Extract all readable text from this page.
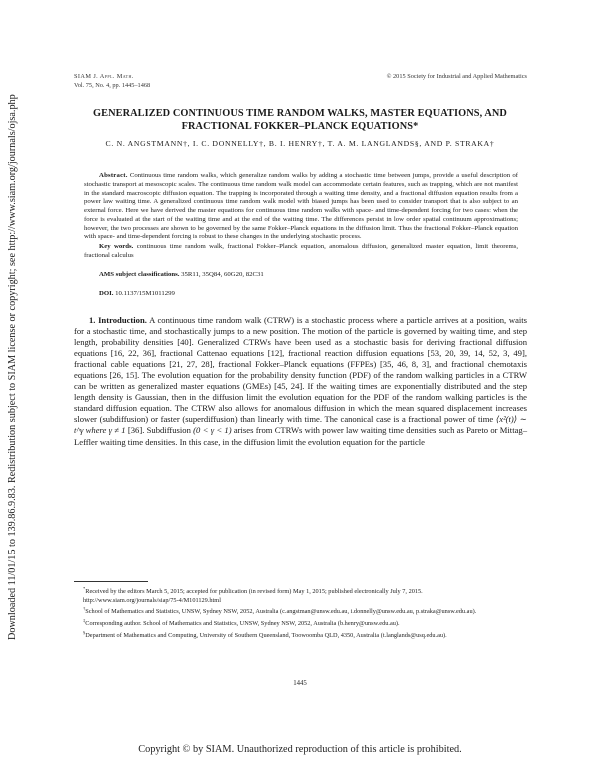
Downloaded 11/01/15 to 139.86.9.83. Redistribution subject to SIAM license or copyright; see http://www.siam.org/journals/ojsa.php
SIAM J. Appl. Math.
Vol. 75, No. 4, pp. 1445–1468
© 2015 Society for Industrial and Applied Mathematics
GENERALIZED CONTINUOUS TIME RANDOM WALKS, MASTER EQUATIONS, AND FRACTIONAL FOKKER–PLANCK EQUATIONS*
C. N. ANGSTMANN†, I. C. DONNELLY†, B. I. HENRY†, T. A. M. LANGLANDS§, AND P. STRAKA†

Abstract. Continuous time random walks, which generalize random walks by adding a stochastic time between jumps, provide a useful description of stochastic transport at mesoscopic scales. The continuous time random walk model can accommodate certain features, such as trapping, which are not manifest in the standard macroscopic diffusion equation. The trapping is incorporated through a waiting time density, and a fractional diffusion equation results from a power law waiting time. A generalized continuous time random walk model with biased jumps has been used to consider transport that is also subject to an external force. Here we have derived the master equations for continuous time random walks with space- and time-dependent forcing for two cases: when the force is evaluated at the start of the waiting time and at the end of the waiting time. The differences persist in low order spatial continuum approximations; however, the two processes are shown to be governed by the same Fokker–Planck equations in the diffusion limit. Thus the fractional Fokker–Planck equation with space- and time-dependent forcing is robust to these changes in the underlying stochastic process.

Key words. continuous time random walk, fractional Fokker–Planck equation, anomalous diffusion, generalized master equation, limit theorems, fractional calculus

AMS subject classifications. 35R11, 35Q84, 60G20, 82C31

DOI. 10.1137/15M1011299

1. Introduction. A continuous time random walk (CTRW) is a stochastic process where a particle arrives at a position, waits for a stochastic time, and stochastically jumps to a new position. The motion of the particle is governed by waiting time, and step length, probability densities [40]. Generalized CTRWs have been used as a stochastic basis for deriving fractional diffusion equations [16, 22, 36], fractional Cattenao equations [12], fractional reaction diffusion equations [53, 20, 39, 14, 52, 3, 49], fractional cable equations [21, 27, 28], fractional Fokker–Planck equations (FFPEs) [35, 46, 8, 3], and fractional chemotaxis equations [26, 15]. The evolution equation for the probability density function (PDF) of the random walking particles in a CTRW can be written as generalized master equations (GMEs) [45, 24]. If the waiting times are exponentially distributed and the step length density is Gaussian, then in the diffusion limit the evolution equation for the PDF of the random walking particles is the standard diffusion equation. The CTRW also allows for anomalous diffusion in which the mean squared displacement increases slower (subdiffusion) or faster (superdiffusion) than linearly with time. The canonical case is a fractional power of time ⟨x²(t)⟩ ∼ t^γ where γ ≠ 1 [36]. Subdiffusion (0 < γ < 1) arises from CTRWs with power law waiting time densities such as Pareto or Mittag–Leffler waiting time densities. In this case, in the diffusion limit the evolution equation for the particle

*Received by the editors March 5, 2015; accepted for publication (in revised form) May 1, 2015; published electronically July 7, 2015.

http://www.siam.org/journals/siap/75-4/M101129.html

†School of Mathematics and Statistics, UNSW, Sydney NSW, 2052, Australia (c.angstman@unsw.edu.au, i.donnelly@unsw.edu.au, p.straka@unsw.edu.au).

‡Corresponding author. School of Mathematics and Statistics, UNSW, Sydney NSW, 2052, Australia (b.henry@unsw.edu.au).

§Department of Mathematics and Computing, University of Southern Queensland, Toowoomba QLD, 4350, Australia (t.langlands@usq.edu.au).

1445
Copyright © by SIAM. Unauthorized reproduction of this article is prohibited.
